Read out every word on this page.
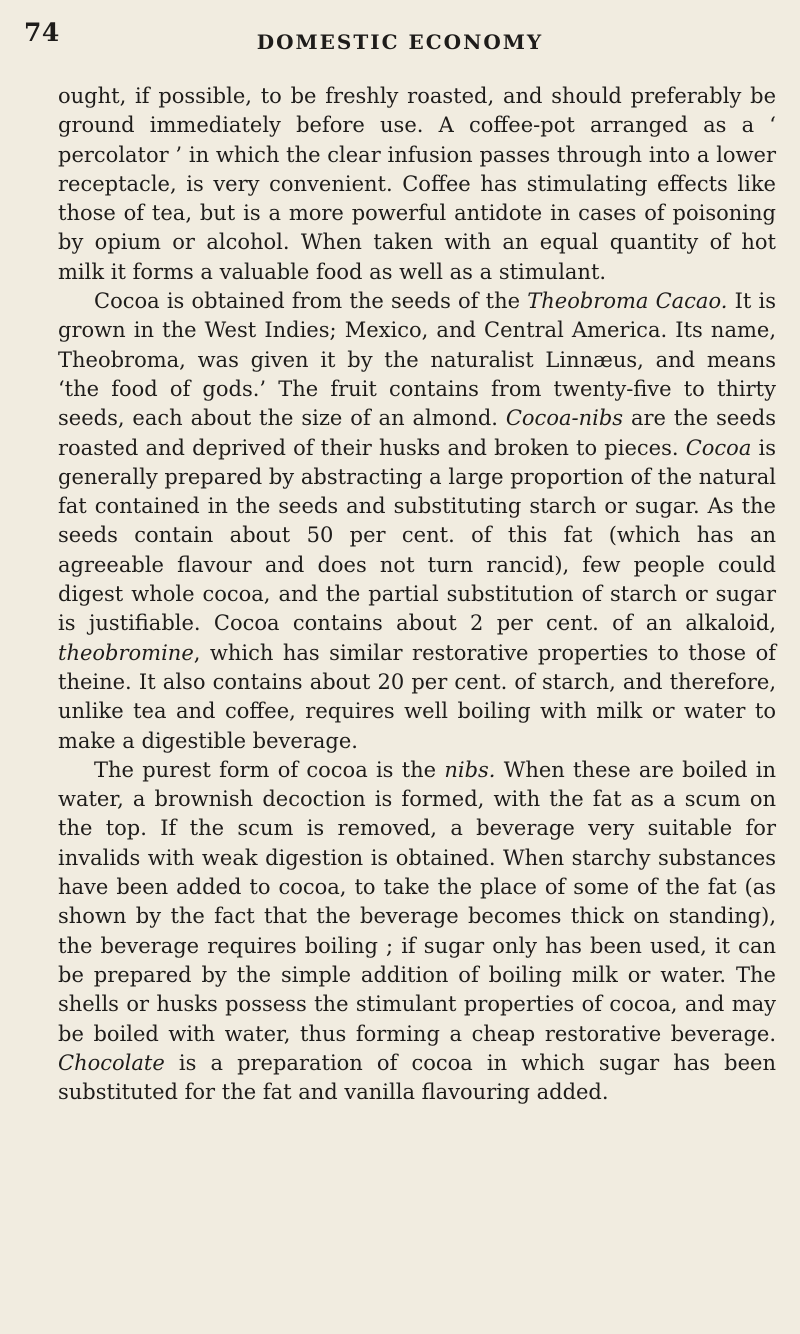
74	DOMESTIC ECONOMY

ought, if possible, to be freshly roasted, and should preferably be ground immediately before use. A coffee-pot arranged as a ‘ percolator ’ in which the clear infusion passes through into a lower receptacle, is very convenient. Coffee has stimulating effects like those of tea, but is a more powerful antidote in cases of poisoning by opium or alcohol. When taken with an equal quantity of hot milk it forms a valuable food as well as a stimulant.

Cocoa is obtained from the seeds of the Theobroma Cacao. It is grown in the West Indies; Mexico, and Central America. Its name, Theobroma, was given it by the naturalist Linnæus, and means ‘the food of gods.’ The fruit contains from twenty-five to thirty seeds, each about the size of an almond. Cocoa-nibs are the seeds roasted and deprived of their husks and broken to pieces. Cocoa is generally prepared by abstracting a large proportion of the natural fat contained in the seeds and substituting starch or sugar. As the seeds contain about 50 per cent. of this fat (which has an agreeable flavour and does not turn rancid), few people could digest whole cocoa, and the partial substitution of starch or sugar is justifiable. Cocoa contains about 2 per cent. of an alkaloid, theobromine, which has similar restorative properties to those of theine. It also contains about 20 per cent. of starch, and therefore, unlike tea and coffee, requires well boiling with milk or water to make a digestible beverage.

The purest form of cocoa is the nibs. When these are boiled in water, a brownish decoction is formed, with the fat as a scum on the top. If the scum is removed, a beverage very suitable for invalids with weak digestion is obtained. When starchy substances have been added to cocoa, to take the place of some of the fat (as shown by the fact that the beverage becomes thick on standing), the beverage requires boiling ; if sugar only has been used, it can be prepared by the simple addition of boiling milk or water. The shells or husks possess the stimulant properties of cocoa, and may be boiled with water, thus forming a cheap restorative beverage. Chocolate is a preparation of cocoa in which sugar has been substituted for the fat and vanilla flavouring added.
